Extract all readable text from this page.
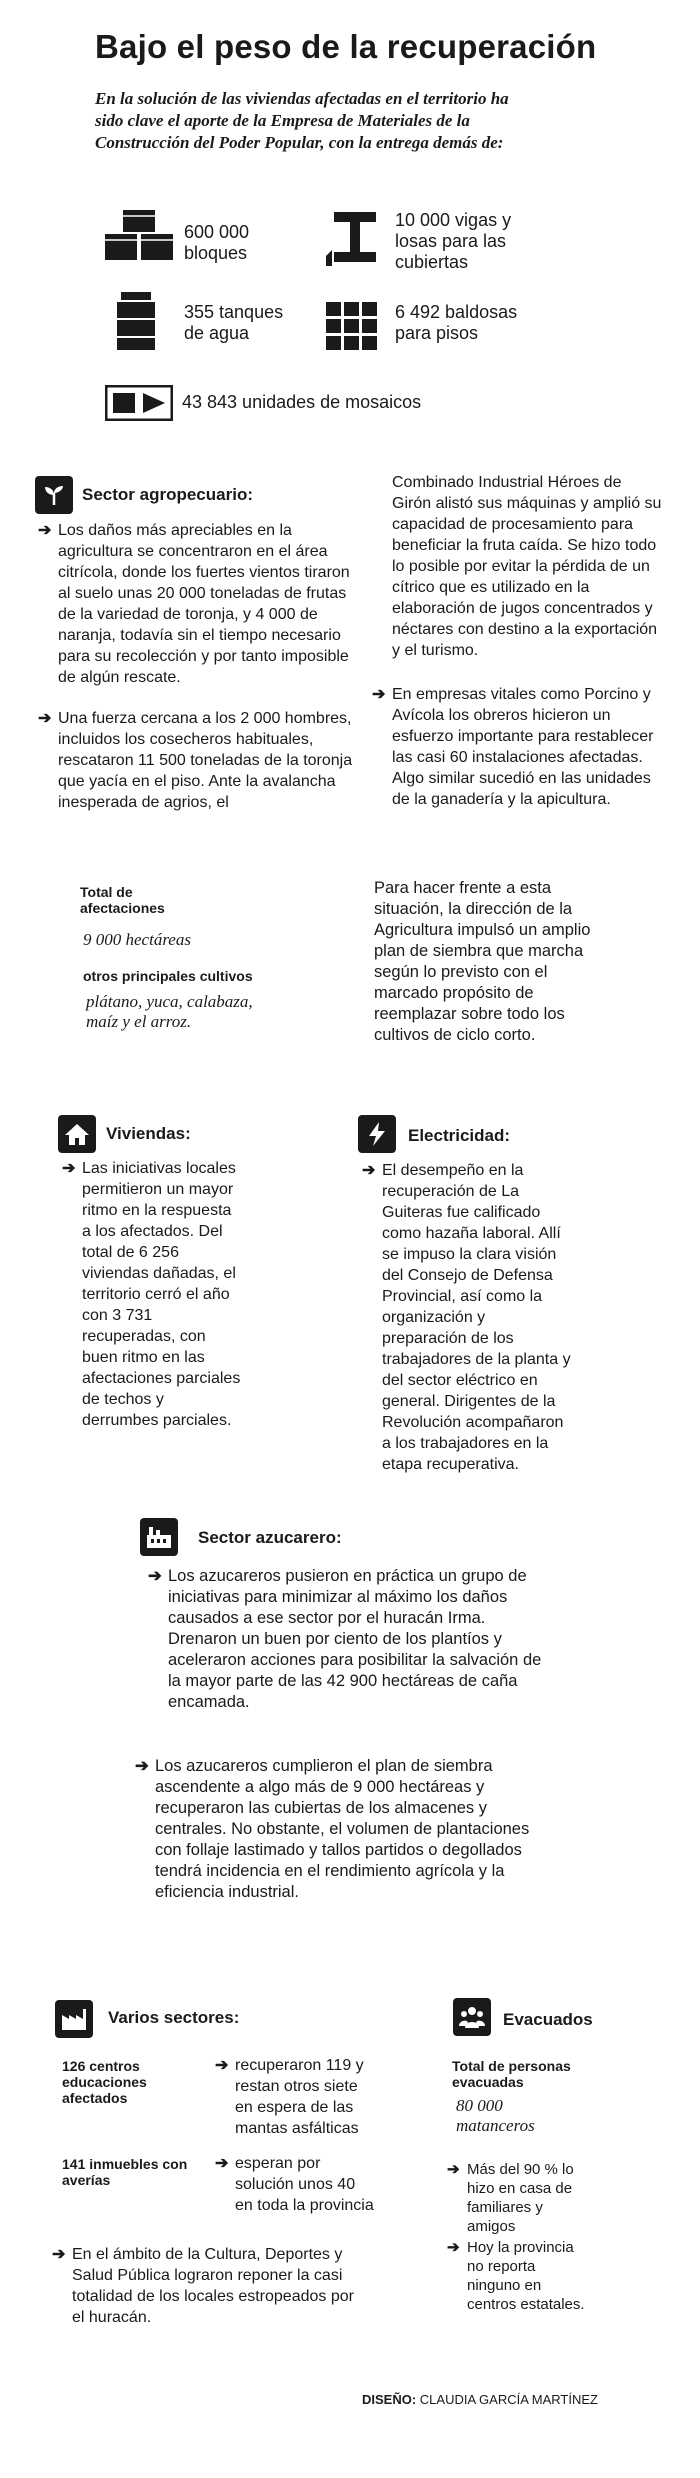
Bajo el peso de la recuperación
En la solución de las viviendas afectadas en el territorio ha sido clave el aporte de la Empresa de Materiales de la Construcción del Poder Popular, con la entrega demás de:
600 000
bloques
10 000 vigas y
losas para las
cubiertas
355 tanques
de agua
6 492 baldosas
para pisos
43 843 unidades de mosaicos
Sector agropecuario:
➔ Los daños más apreciables en la agricultura se concentraron en el área citrícola, donde los fuertes vientos tiraron al suelo unas 20 000 toneladas de frutas de la variedad de toronja, y 4 000 de naranja, todavía sin el tiempo necesario para su recolección y por tanto imposible de algún rescate.
➔ Una fuerza cercana a los 2 000 hombres, incluidos los cosecheros habituales, rescataron 11 500 toneladas de la toronja que yacía en el piso. Ante la avalancha inesperada de agrios, el
Combinado Industrial Héroes de Girón alistó sus máquinas y amplió su capacidad de procesamiento para beneficiar la fruta caída. Se hizo todo lo posible por evitar la pérdida de un cítrico que es utilizado en la elaboración de jugos concentrados y néctares con destino a la exportación y el turismo.
➔ En empresas vitales como Porcino y Avícola los obreros hicieron un esfuerzo importante para restablecer las casi 60 instalaciones afectadas. Algo similar sucedió en las unidades de la ganadería y la apicultura.
Total de
afectaciones
9 000 hectáreas
otros principales cultivos
plátano, yuca, calabaza,
maíz y el arroz.
Para hacer frente a esta situación, la dirección de la Agricultura impulsó un amplio plan de siembra que marcha según lo previsto con el marcado propósito de reemplazar sobre todo los cultivos de ciclo corto.
Viviendas:
➔ Las iniciativas locales permitieron un mayor ritmo en la respuesta a los afectados. Del total de 6 256 viviendas dañadas, el territorio cerró el año con 3 731 recuperadas, con buen ritmo en las afectaciones parciales de techos y derrumbes parciales.
Electricidad:
➔ El desempeño en la recuperación de La Guiteras fue calificado como hazaña laboral. Allí se impuso la clara visión del Consejo de Defensa Provincial, así como la organización y preparación de los trabajadores de la planta y del sector eléctrico en general. Dirigentes de la Revolución acompañaron a los trabajadores en la etapa recuperativa.
Sector azucarero:
➔ Los azucareros pusieron en práctica un grupo de iniciativas para minimizar al máximo los daños causados a ese sector por el huracán Irma. Drenaron un buen por ciento de los plantíos y aceleraron acciones para posibilitar la salvación de la mayor parte de las 42 900 hectáreas de caña encamada.
➔ Los azucareros cumplieron el plan de siembra ascendente a algo más de 9 000 hectáreas y recuperaron las cubiertas de los almacenes y centrales. No obstante, el volumen de plantaciones con follaje lastimado y tallos partidos o degollados tendrá incidencia en el rendimiento agrícola y la eficiencia industrial.
Varios sectores:
126 centros educaciones afectados
➔ recuperaron 119 y restan otros siete en espera de las mantas asfálticas
141 inmuebles con averías
➔ esperan por solución unos 40 en toda la provincia
➔ En el ámbito de la Cultura, Deportes y Salud Pública lograron reponer la casi totalidad de los locales estropeados por el huracán.
Evacuados
Total de personas evacuadas
80 000
matanceros
➔ Más del 90 % lo hizo en casa de familiares y amigos
➔ Hoy la provincia no reporta ninguno en centros estatales.
DISEÑO: CLAUDIA GARCÍA MARTÍNEZ
